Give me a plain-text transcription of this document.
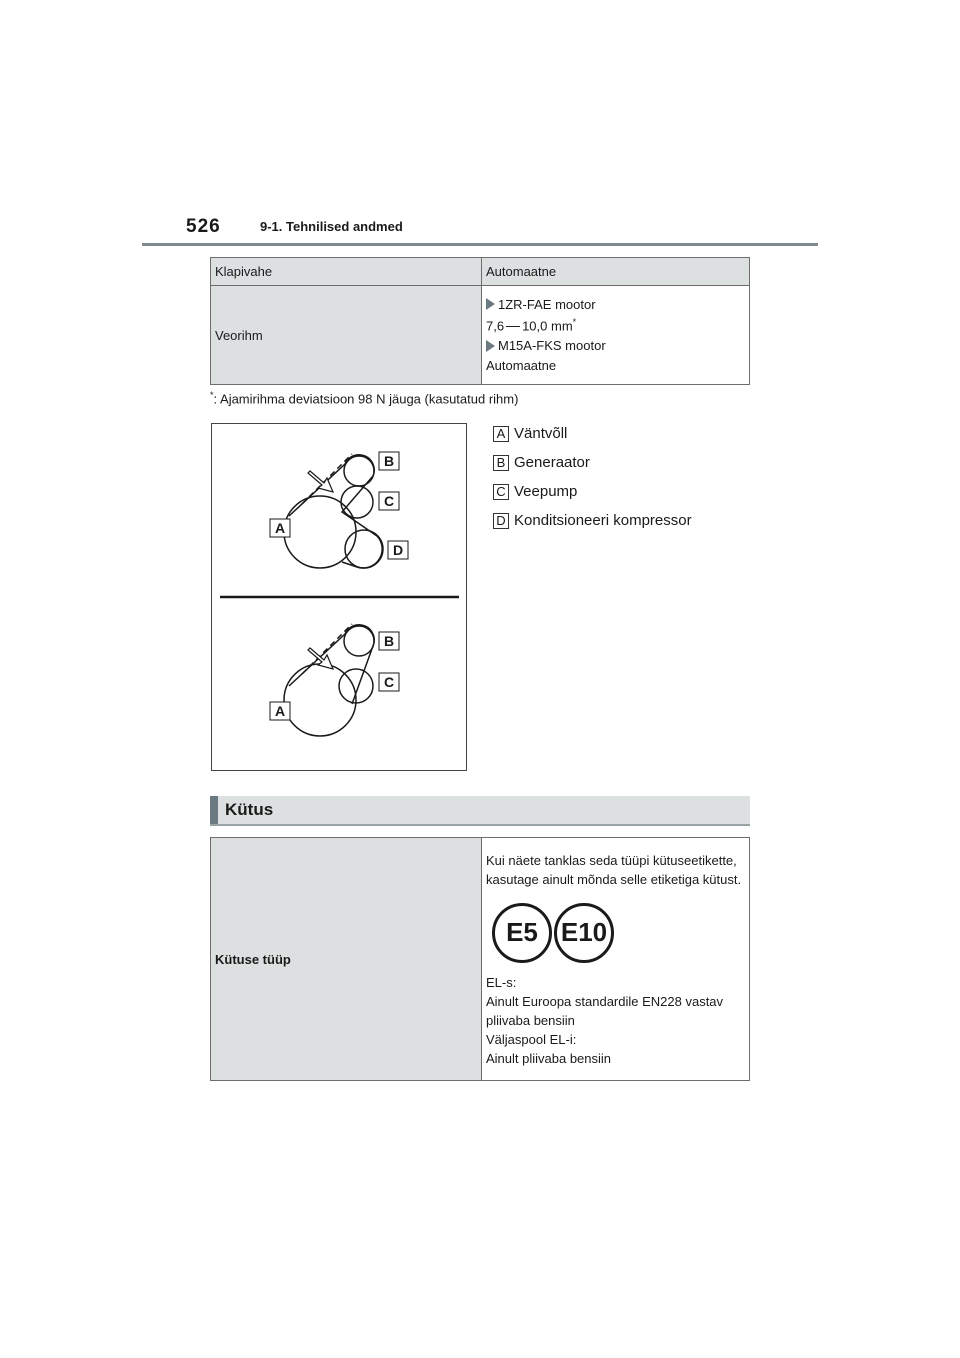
526	9-1. Tehnilised andmed
Klapivahe	Automaatne
Veorihm	1ZR-FAE mootor
7,6 10,0 mm*
M15A-FKS mootor
Automaatne
*: Ajamirihma deviatsioon 98 N jäuga (kasutatud rihm)
B
C
A
D
B
C
A
A Väntvõll
B Generaator
C Veepump
D Konditsioneeri kompressor
Kütus
Kütuse tüüp	
Kui näete tanklas seda tüüpi kütuseetikette, kasutage ainult mõnda selle etiketiga kütust.
E5 E10
EL-s:
Ainult Euroopa standardile EN228 vastav pliivaba bensiin
Väljaspool EL-i:
Ainult pliivaba bensiin
